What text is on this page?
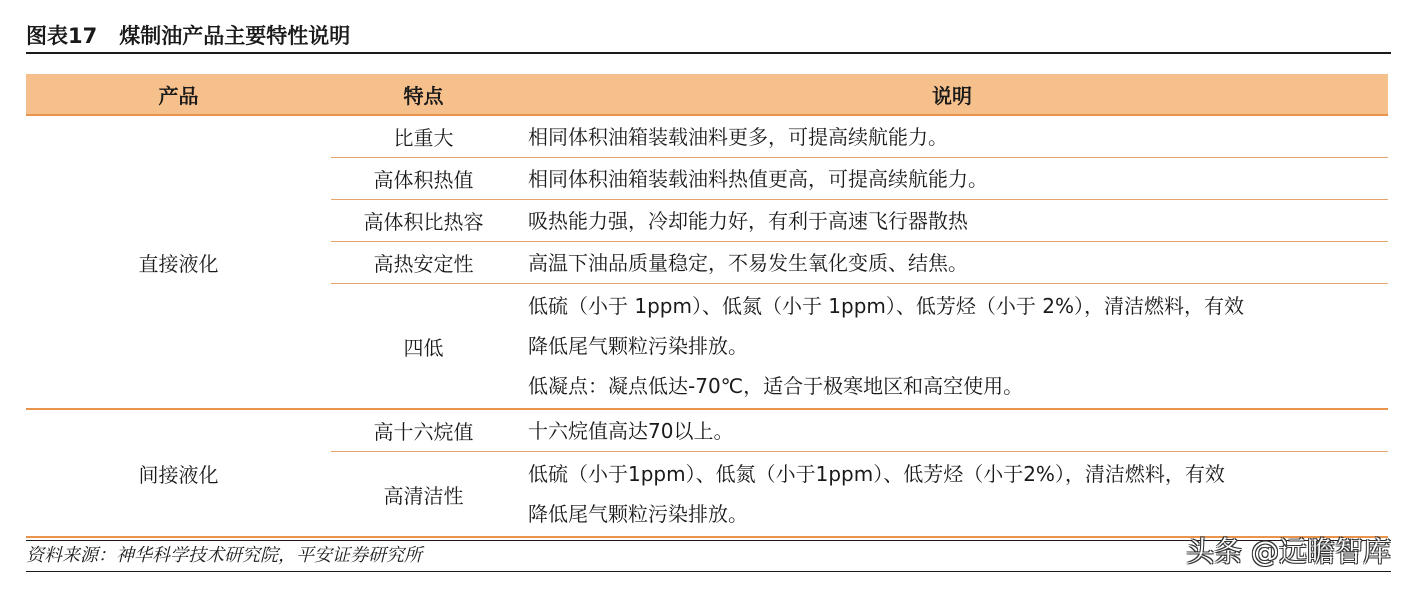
图表17 煤制油产品主要特性说明
产品	特点	说明
直接液化	比重大	相同体积油箱装载油料更多，可提高续航能力。
	高体积热值	相同体积油箱装载油料热值更高，可提高续航能力。
	高体积比热容	吸热能力强，冷却能力好，有利于高速飞行器散热
	高热安定性	高温下油品质量稳定，不易发生氧化变质、结焦。
	四低	低硫（小于 1ppm）、低氮（小于 1ppm）、低芳烃（小于 2%），清洁燃料，有效
降低尾气颗粒污染排放。
低凝点：凝点低达-70℃，适合于极寒地区和高空使用。

间接液化	高十六烷值	十六烷值高达70以上。
	高清洁性	低硫（小于1ppm）、低氮（小于1ppm）、低芳烃（小于2%），清洁燃料，有效
降低尾气颗粒污染排放。
资料来源：神华科学技术研究院，平安证券研究所	头条 @远瞻智库
